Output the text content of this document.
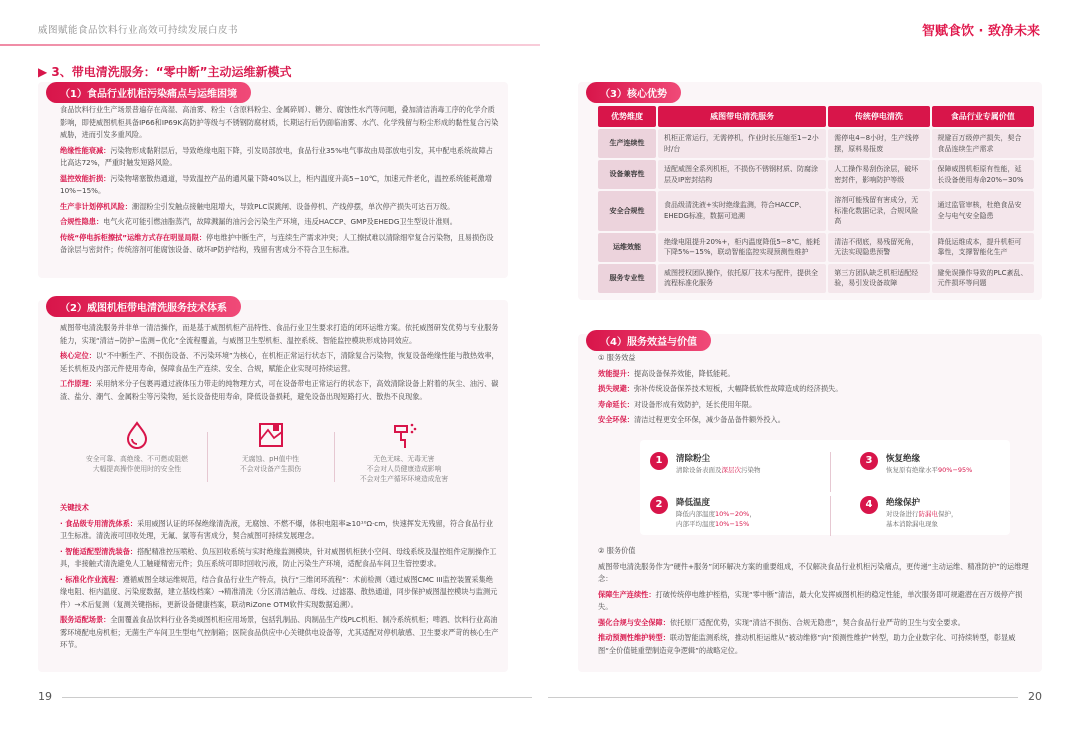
威图赋能食品饮料行业高效可持续发展白皮书	智赋食饮 · 致净未来
▶ 3、带电清洗服务：“零中断”主动运维新模式
（1）食品行业机柜污染痛点与运维困境
食品饮料行业生产场景普遍存在高湿、高油雾、粉尘（含原料粉尘、金属碎屑）、糖分、腐蚀性水汽等问题，叠加清洁消毒工序的化学介质影响，即使威图机柜具备IP66和IP69K高防护等级与不锈钢防腐材质，长期运行后仍面临油雾、水汽、化学残留与粉尘形成的黏性复合污染威胁，进而引发多重风险。
绝缘性能衰减：污染物形成黏附层后，导致绝缘电阻下降，引发局部放电，食品行业35%电气事故由局部放电引发，其中配电系统故障占比高达72%，严重时触发短路风险。
温控效能折损：污染物堵塞散热通道，导致温控产品的通风量下降40%以上，柜内温度升高5−10℃，加速元件老化，温控系统能耗激增10%−15%。
生产非计划停机风险：潮湿粉尘引发触点接触电阻增大，导致PLC误跳闸、设备停机、产线停摆，单次停产损失可达百万级。
合规性隐患：电气火花可能引燃油脂蒸汽，故障溅漏的油污会污染生产环境，违反HACCP、GMP及EHEDG卫生型设计准则。
传统“停电拆柜擦拭”运维方式存在明显局限：停电维护中断生产，与连续生产需求冲突；人工擦拭难以清除细窄复合污染物，且易损伤设备涂层与密封件；传统溶剂可能腐蚀设备、破坏IP防护结构，残留有害成分不符合卫生标准。
（2）威图机柜带电清洗服务技术体系
威图带电清洗服务并非单一清洁操作，而是基于威图机柜产品特性、食品行业卫生要求打造的闭环运维方案。依托威图研发优势与专业服务能力，实现“清洁−防护−监测−优化”全流程覆盖，与威图卫生型机柜、温控系统、智能监控模块形成协同效应。
核心定位：以“不中断生产、不损伤设备、不污染环境”为核心，在机柜正常运行状态下，清除复合污染物，恢复设备绝缘性能与散热效率，延长机柜及内部元件使用寿命，保障食品生产连续、安全、合规，赋能企业实现可持续运营。
工作原理：采用纳米分子包裹再通过液体压力带走的纯物理方式，可在设备带电正常运行的状态下，高效清除设备上附着的灰尘、油污、碳渣、盐分、潮气、金属粉尘等污染物，延长设备使用寿命，降低设备损耗，避免设备出现短路打火、散热不良现象。
安全可靠、高绝缘、不可燃或阻燃
大幅提高操作使用时的安全性
无腐蚀、pH值中性
不会对设备产生损伤
无色无味、无毒无害
不会对人员健康造成影响
不会对生产循环环境造成危害
关键技术
· 食品级专用清洗体系：采用威图认证的环保绝缘清洗液，无腐蚀、不燃不爆，体积电阻率≥10¹⁰Ω·cm，快速挥发无残留，符合食品行业卫生标准。清洗液可回收处理，无氟、氯等有害成分，契合威图可持续发展理念。
· 智能适配型清洗装备：搭配精准控压喷枪、负压回收系统与实时绝缘监测模块，针对威图机柜狭小空间、母线系统及温控组件定制操作工具，非接触式清洗避免人工触碰精密元件；负压系统可即时回收污液，防止污染生产环境，适配食品车间卫生管控要求。
· 标准化作业流程：遵循威图全球运维规范，结合食品行业生产特点，执行“三维闭环流程”：术前检测（通过威图CMC III监控装置采集绝缘电阻、柜内温度、污染度数据，建立基线档案）→精准清洗（分区清洁触点、母线、过滤器、散热通道，同步保护威图温控模块与监测元件）→术后复测（复测关键指标，更新设备健康档案，联动RiZone OTM软件实现数据追溯）。
服务适配场景：全面覆盖食品饮料行业各类威图机柜应用场景，包括乳制品、肉制品生产线PLC机柜、制冷系统机柜；啤酒、饮料行业高油雾环境配电房机柜；无菌生产车间卫生型电气控制箱；医院食品供应中心关键供电设备等，尤其适配对停机敏感、卫生要求严苛的核心生产环节。
（3）核心优势
优势维度	威图带电清洗服务	传统停电清洗	食品行业专属价值
生产连续性	机柜正常运行，无需停机，作业时长压缩至1−2小时/台	需停电4−8小时，生产线停摆，原料易报废	规避百万级停产损失，契合食品连续生产需求
设备兼容性	适配威图全系列机柜，不损伤不锈钢材质、防腐涂层及IP密封结构	人工操作易刮伤涂层，破坏密封件，影响防护等级	保障威图机柜原有性能，延长设备使用寿命20%−30%
安全合规性	食品级清洗液+实时绝缘监测，符合HACCP、EHEDG标准，数据可追溯	溶剂可能残留有害成分，无标准化数据记录，合规风险高	通过监管审核，杜绝食品安全与电气安全隐患
运维效能	绝缘电阻提升20%+，柜内温度降低5−8℃，能耗下降5%−15%，联动智能监控实现预测性维护	清洁不彻底，易残留死角，无法实现隐患预警	降低运维成本，提升机柜可靠性，支撑智能化生产
服务专业性	威图授权团队操作，依托原厂技术与配件，提供全流程标准化服务	第三方团队缺乏机柜适配经验，易引发设备故障	避免误操作导致的PLC紊乱、元件损坏等问题
（4）服务效益与价值
① 服务效益
效能提升：提高设备保养效能，降低能耗。
损失规避：弥补传统设备保养技术短板，大幅降低软性故障造成的经济损失。
寿命延长：对设备形成有效防护，延长使用年限。
安全环保：清洁过程更安全环保，减少备品备件额外投入。
1	清除粉尘
清除设备表面及深层次污染物
2	降低温度
降低内部温度10%−20%，
内部平均温度10%−15%
3	恢复绝缘
恢复原有绝缘水平90%−95%
4	绝缘保护
对设备进行防漏电保护，
基本消除漏电现象
② 服务价值
威图带电清洗服务作为“硬件+服务”闭环解决方案的重要组成，不仅解决食品行业机柜污染痛点，更传递“主动运维、精准防护”的运维理念：
保障生产连续性：打破传统停电维护桎梏，实现“零中断”清洁，最大化发挥威图机柜的稳定性能，单次服务即可规避潜在百万级停产损失。
强化合规与安全保障：依托原厂适配优势，实现“清洁不损伤、合规无隐患”，契合食品行业严苛的卫生与安全要求。
推动预测性维护转型：联动智能监测系统，推动机柜运维从“被动维修”向“预测性维护”转型，助力企业数字化、可持续转型，彰显威图“全价值链重塑制造竞争逻辑”的战略定位。
19	20
